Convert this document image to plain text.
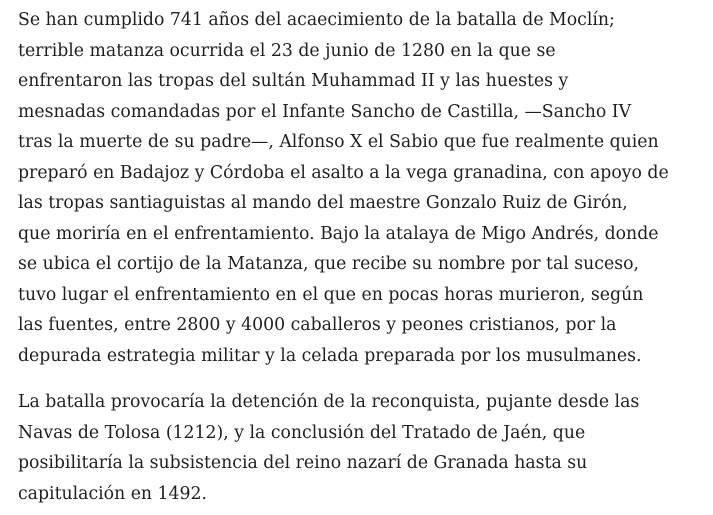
Se han cumplido 741 años del acaecimiento de la batalla de Moclín;
terrible matanza ocurrida el 23 de junio de 1280 en la que se
enfrentaron las tropas del sultán Muhammad II y las huestes y
mesnadas comandadas por el Infante Sancho de Castilla, —Sancho IV
tras la muerte de su padre—, Alfonso X el Sabio que fue realmente quien
preparó en Badajoz y Córdoba el asalto a la vega granadina, con apoyo de
las tropas santiaguistas al mando del maestre Gonzalo Ruiz de Girón,
que moriría en el enfrentamiento. Bajo la atalaya de Migo Andrés, donde
se ubica el cortijo de la Matanza, que recibe su nombre por tal suceso,
tuvo lugar el enfrentamiento en el que en pocas horas murieron, según
las fuentes, entre 2800 y 4000 caballeros y peones cristianos, por la
depurada estrategia militar y la celada preparada por los musulmanes.

La batalla provocaría la detención de la reconquista, pujante desde las
Navas de Tolosa (1212), y la conclusión del Tratado de Jaén, que
posibilitaría la subsistencia del reino nazarí de Granada hasta su
capitulación en 1492.
